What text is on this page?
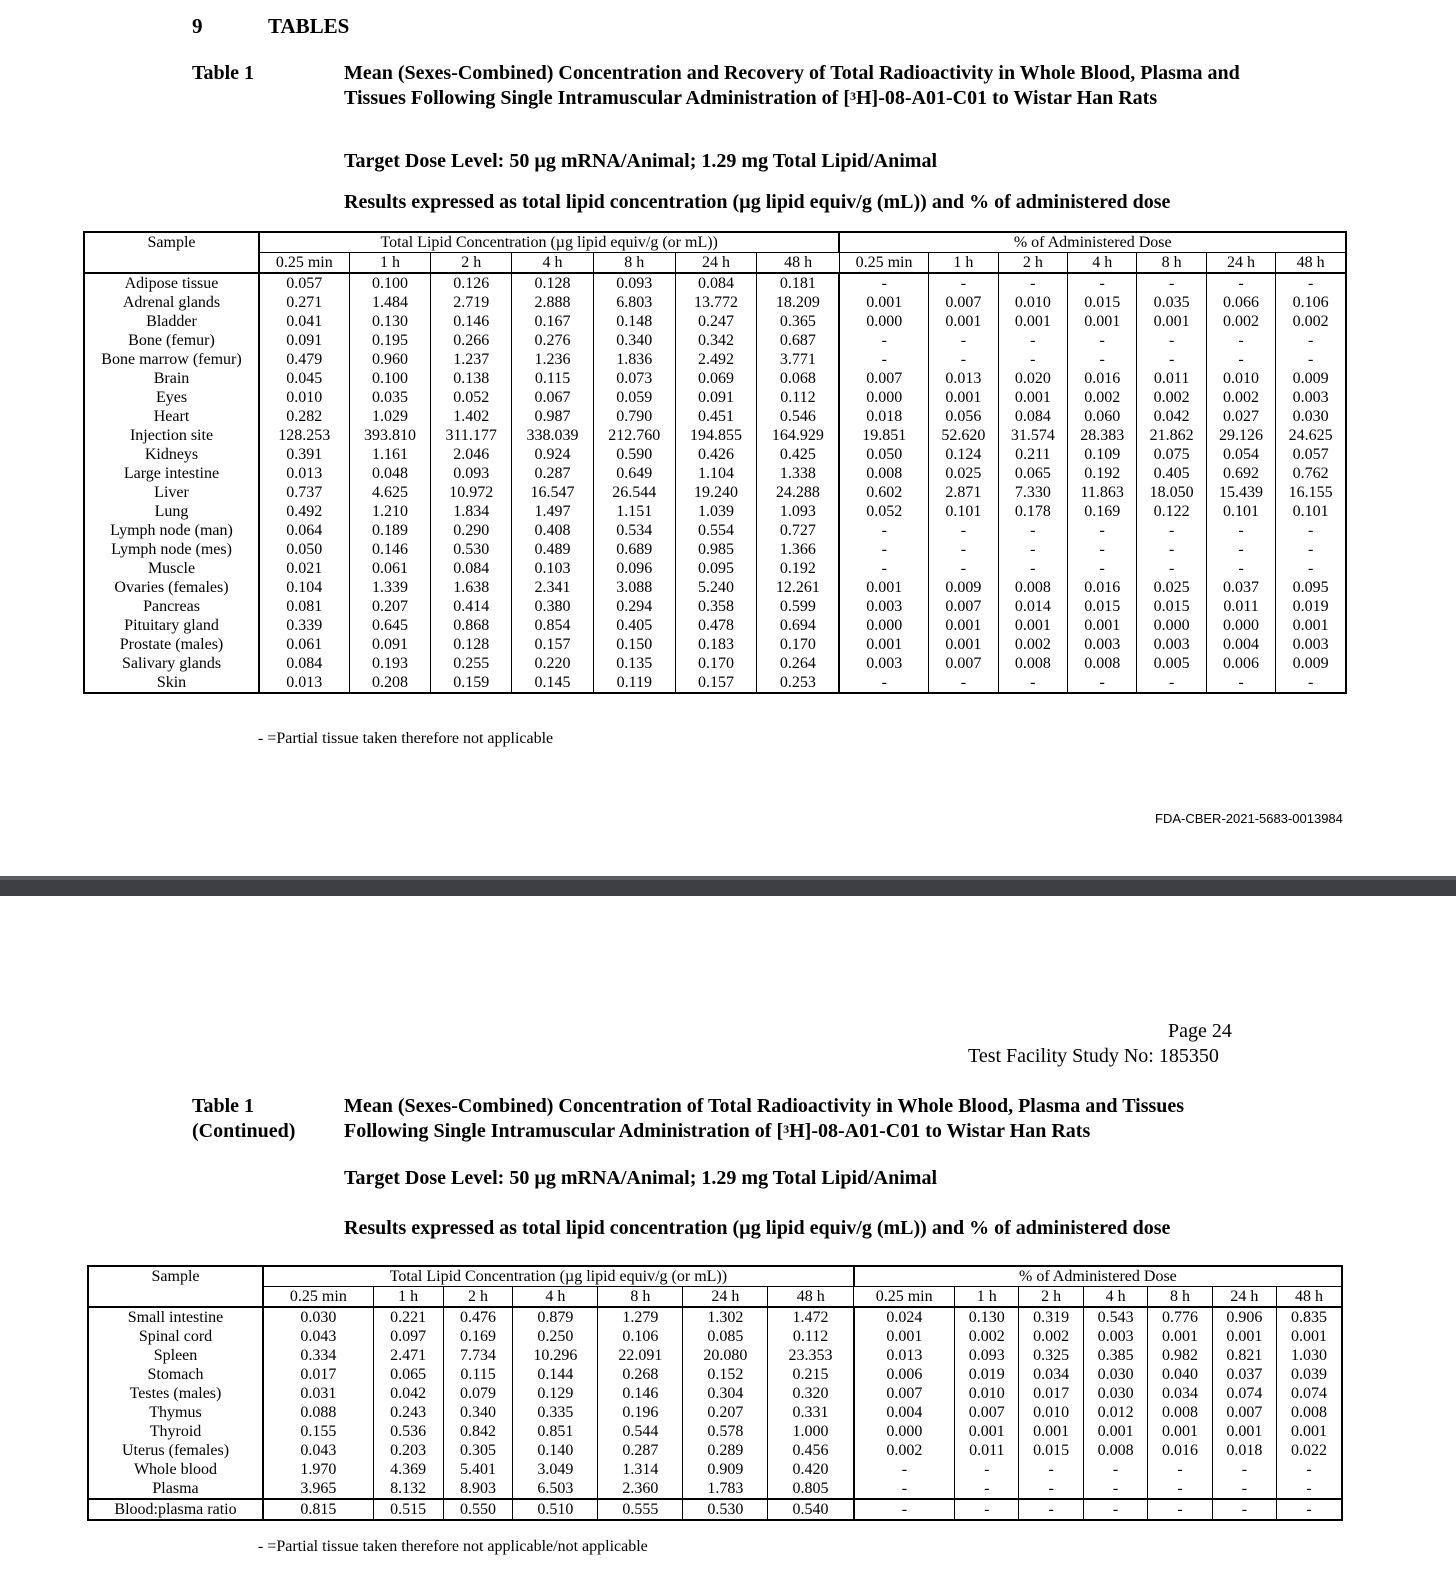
9	TABLES
Table 1	Mean (Sexes-Combined) Concentration and Recovery of Total Radioactivity in Whole Blood, Plasma and Tissues Following Single Intramuscular Administration of [$^3$H]-08-A01-C01 to Wistar Han Rats
Target Dose Level: 50 µg mRNA/Animal; 1.29 mg Total Lipid/Animal
Results expressed as total lipid concentration (µg lipid equiv/g (mL)) and % of administered dose
Sample	Total Lipid Concentration (µg lipid equiv/g (or mL))							% of Administered Dose						
	0.25 min	1 h	2 h	4 h	8 h	24 h	48 h	0.25 min	1 h	2 h	4 h	8 h	24 h	48 h
Adipose tissue	0.057	0.100	0.126	0.128	0.093	0.084	0.181	-	-	-	-	-	-	-
Adrenal glands	0.271	1.484	2.719	2.888	6.803	13.772	18.209	0.001	0.007	0.010	0.015	0.035	0.066	0.106
Bladder	0.041	0.130	0.146	0.167	0.148	0.247	0.365	0.000	0.001	0.001	0.001	0.001	0.002	0.002
Bone (femur)	0.091	0.195	0.266	0.276	0.340	0.342	0.687	-	-	-	-	-	-	-
Bone marrow (femur)	0.479	0.960	1.237	1.236	1.836	2.492	3.771	-	-	-	-	-	-	-
Brain	0.045	0.100	0.138	0.115	0.073	0.069	0.068	0.007	0.013	0.020	0.016	0.011	0.010	0.009
Eyes	0.010	0.035	0.052	0.067	0.059	0.091	0.112	0.000	0.001	0.001	0.002	0.002	0.002	0.003
Heart	0.282	1.029	1.402	0.987	0.790	0.451	0.546	0.018	0.056	0.084	0.060	0.042	0.027	0.030
Injection site	128.253	393.810	311.177	338.039	212.760	194.855	164.929	19.851	52.620	31.574	28.383	21.862	29.126	24.625
Kidneys	0.391	1.161	2.046	0.924	0.590	0.426	0.425	0.050	0.124	0.211	0.109	0.075	0.054	0.057
Large intestine	0.013	0.048	0.093	0.287	0.649	1.104	1.338	0.008	0.025	0.065	0.192	0.405	0.692	0.762
Liver	0.737	4.625	10.972	16.547	26.544	19.240	24.288	0.602	2.871	7.330	11.863	18.050	15.439	16.155
Lung	0.492	1.210	1.834	1.497	1.151	1.039	1.093	0.052	0.101	0.178	0.169	0.122	0.101	0.101
Lymph node (man)	0.064	0.189	0.290	0.408	0.534	0.554	0.727	-	-	-	-	-	-	-
Lymph node (mes)	0.050	0.146	0.530	0.489	0.689	0.985	1.366	-	-	-	-	-	-	-
Muscle	0.021	0.061	0.084	0.103	0.096	0.095	0.192	-	-	-	-	-	-	-
Ovaries (females)	0.104	1.339	1.638	2.341	3.088	5.240	12.261	0.001	0.009	0.008	0.016	0.025	0.037	0.095
Pancreas	0.081	0.207	0.414	0.380	0.294	0.358	0.599	0.003	0.007	0.014	0.015	0.015	0.011	0.019
Pituitary gland	0.339	0.645	0.868	0.854	0.405	0.478	0.694	0.000	0.001	0.001	0.001	0.000	0.000	0.001
Prostate (males)	0.061	0.091	0.128	0.157	0.150	0.183	0.170	0.001	0.001	0.002	0.003	0.003	0.004	0.003
Salivary glands	0.084	0.193	0.255	0.220	0.135	0.170	0.264	0.003	0.007	0.008	0.008	0.005	0.006	0.009
Skin	0.013	0.208	0.159	0.145	0.119	0.157	0.253	-	-	-	-	-	-	-
- =Partial tissue taken therefore not applicable
FDA-CBER-2021-5683-0013984
Page 24
Test Facility Study No: 185350
Table 1
(Continued)
Mean (Sexes-Combined) Concentration of Total Radioactivity in Whole Blood, Plasma and Tissues Following Single Intramuscular Administration of [$^3$H]-08-A01-C01 to Wistar Han Rats
Target Dose Level: 50 µg mRNA/Animal; 1.29 mg Total Lipid/Animal
Results expressed as total lipid concentration (µg lipid equiv/g (mL)) and % of administered dose
Sample	Total Lipid Concentration (µg lipid equiv/g (or mL))							% of Administered Dose						
	0.25 min	1 h	2 h	4 h	8 h	24 h	48 h	0.25 min	1 h	2 h	4 h	8 h	24 h	48 h
Small intestine	0.030	0.221	0.476	0.879	1.279	1.302	1.472	0.024	0.130	0.319	0.543	0.776	0.906	0.835
Spinal cord	0.043	0.097	0.169	0.250	0.106	0.085	0.112	0.001	0.002	0.002	0.003	0.001	0.001	0.001
Spleen	0.334	2.471	7.734	10.296	22.091	20.080	23.353	0.013	0.093	0.325	0.385	0.982	0.821	1.030
Stomach	0.017	0.065	0.115	0.144	0.268	0.152	0.215	0.006	0.019	0.034	0.030	0.040	0.037	0.039
Testes (males)	0.031	0.042	0.079	0.129	0.146	0.304	0.320	0.007	0.010	0.017	0.030	0.034	0.074	0.074
Thymus	0.088	0.243	0.340	0.335	0.196	0.207	0.331	0.004	0.007	0.010	0.012	0.008	0.007	0.008
Thyroid	0.155	0.536	0.842	0.851	0.544	0.578	1.000	0.000	0.001	0.001	0.001	0.001	0.001	0.001
Uterus (females)	0.043	0.203	0.305	0.140	0.287	0.289	0.456	0.002	0.011	0.015	0.008	0.016	0.018	0.022
Whole blood	1.970	4.369	5.401	3.049	1.314	0.909	0.420	-	-	-	-	-	-	-
Plasma	3.965	8.132	8.903	6.503	2.360	1.783	0.805	-	-	-	-	-	-	-
Blood:plasma ratio	0.815	0.515	0.550	0.510	0.555	0.530	0.540	-	-	-	-	-	-	-
- =Partial tissue taken therefore not applicable/not applicable
